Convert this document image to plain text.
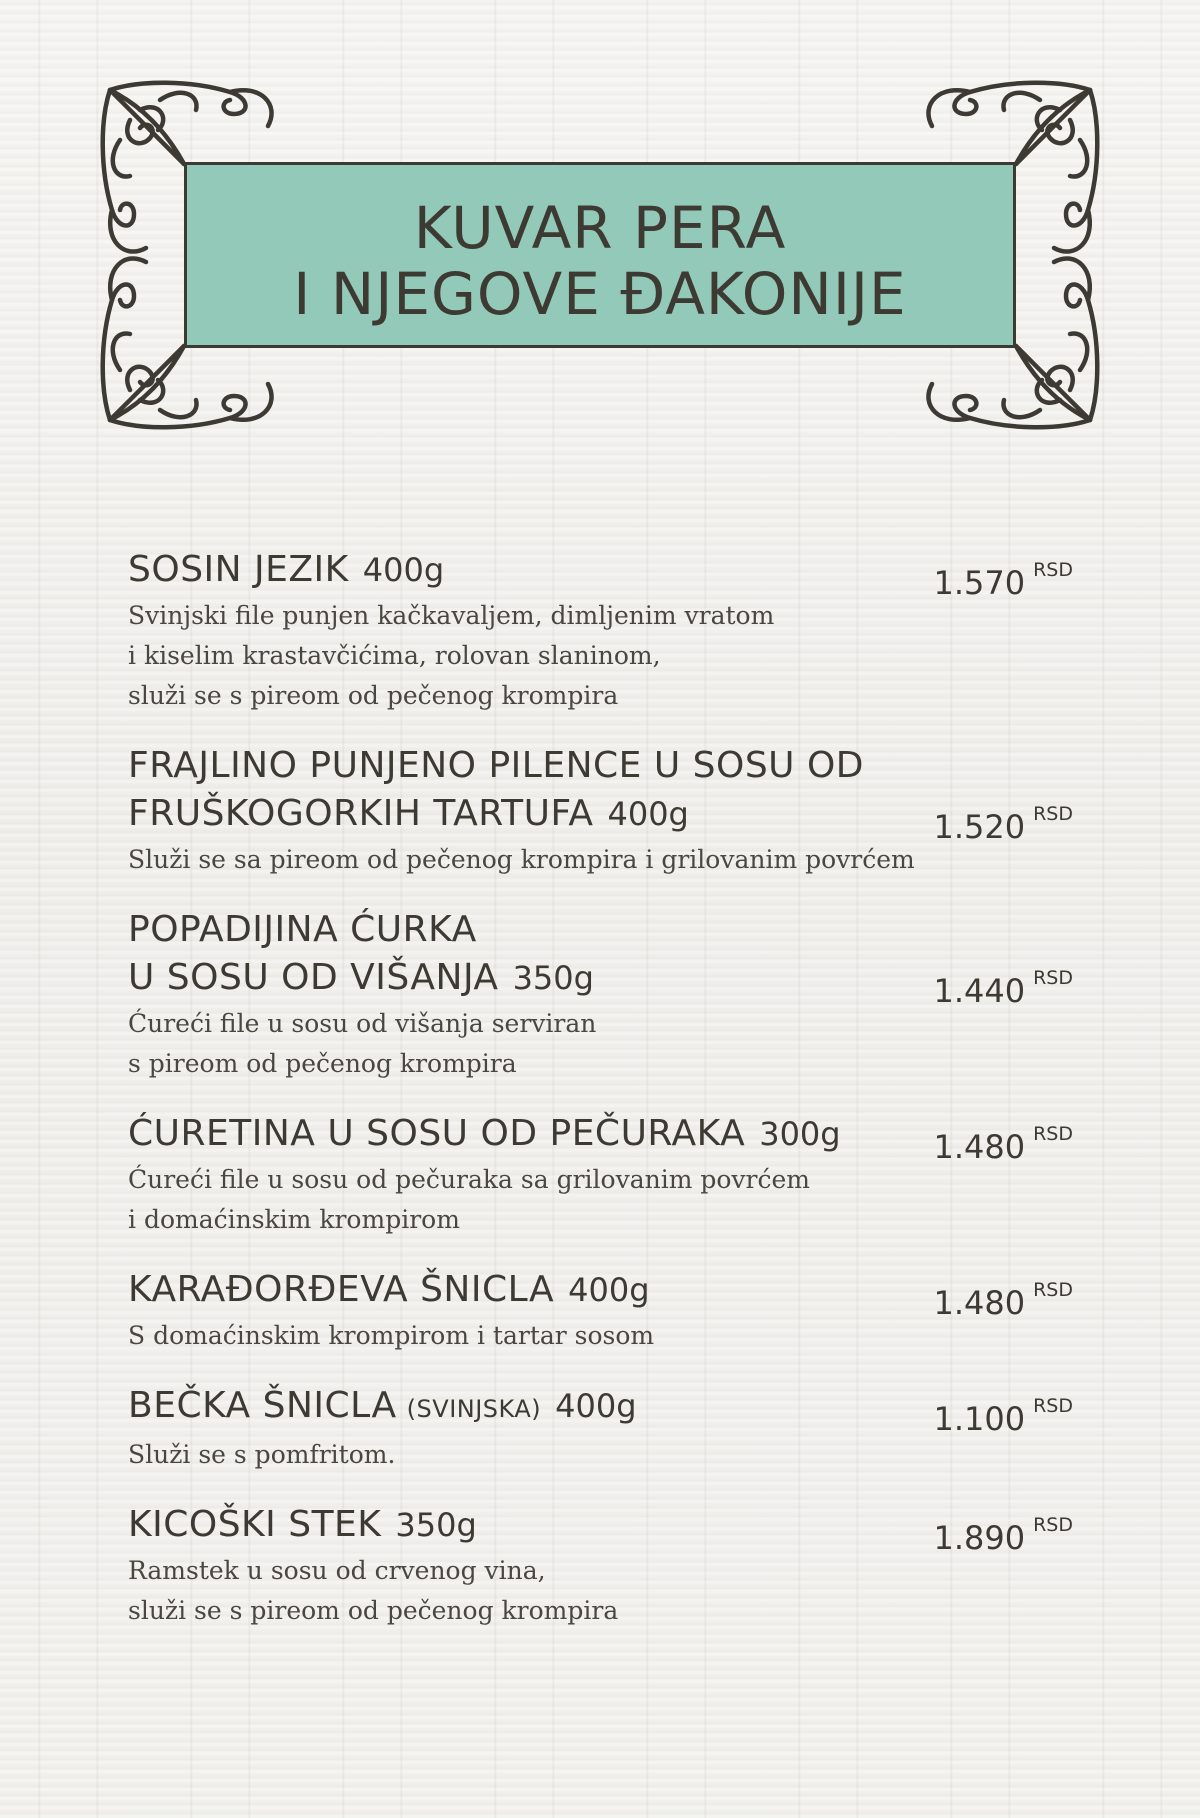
KUVAR PERA
I NJEGOVE ĐAKONIJE
SOSIN JEZIK 400g	1.570 $^{RSD}$
Svinjski file punjen kačkavaljem, dimljenim vratom
i kiselim krastavčićima, rolovan slaninom,
služi se s pireom od pečenog krompira
FRAJLINO PUNJENO PILENCE U SOSU OD
FRUŠKOGORKIH TARTUFA 400g	1.520 $^{RSD}$
Služi se sa pireom od pečenog krompira i grilovanim povrćem
POPADIJINA ĆURKA
U SOSU OD VIŠANJA 350g	1.440 $^{RSD}$
Ćureći file u sosu od višanja serviran
s pireom od pečenog krompira
ĆURETINA U SOSU OD PEČURAKA 300g	1.480 $^{RSD}$
Ćureći file u sosu od pečuraka sa grilovanim povrćem
i domaćinskim krompirom
KARAĐORĐEVA ŠNICLA 400g	1.480 $^{RSD}$
S domaćinskim krompirom i tartar sosom
BEČKA ŠNICLA (SVINJSKA) 400g	1.100 $^{RSD}$
Služi se s pomfritom.
KICOŠKI STEK 350g	1.890 $^{RSD}$
Ramstek u sosu od crvenog vina,
služi se s pireom od pečenog krompira
